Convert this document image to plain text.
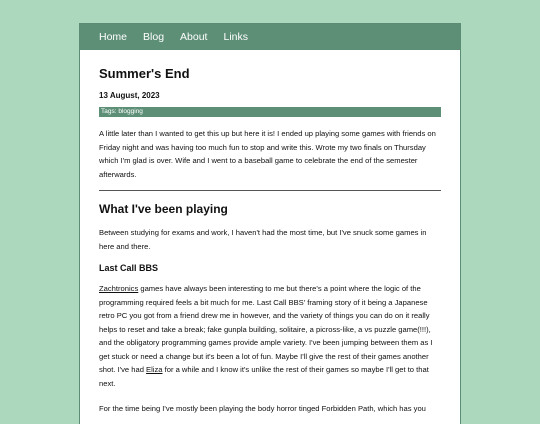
Home Blog About Links
Summer's End
13 August, 2023
Tags: blogging

A little later than I wanted to get this up but here it is! I ended up playing some games with friends on Friday night and was having too much fun to stop and write this. Wrote my two finals on Thursday which I'm glad is over. Wife and I went to a baseball game to celebrate the end of the semester afterwards.

What I've been playing

Between studying for exams and work, I haven't had the most time, but I've snuck some games in here and there.

Last Call BBS

Zachtronics games have always been interesting to me but there's a point where the logic of the programming required feels a bit much for me. Last Call BBS' framing story of it being a Japanese retro PC you got from a friend drew me in however, and the variety of things you can do on it really helps to reset and take a break; fake gunpla building, solitaire, a picross-like, a vs puzzle game(!!!), and the obligatory programming games provide ample variety. I've been jumping between them as I get stuck or need a change but it's been a lot of fun. Maybe I'll give the rest of their games another shot. I've had Eliza for a while and I know it's unlike the rest of their games so maybe I'll get to that next.

For the time being I've mostly been playing the body horror tinged Forbidden Path, which has you
